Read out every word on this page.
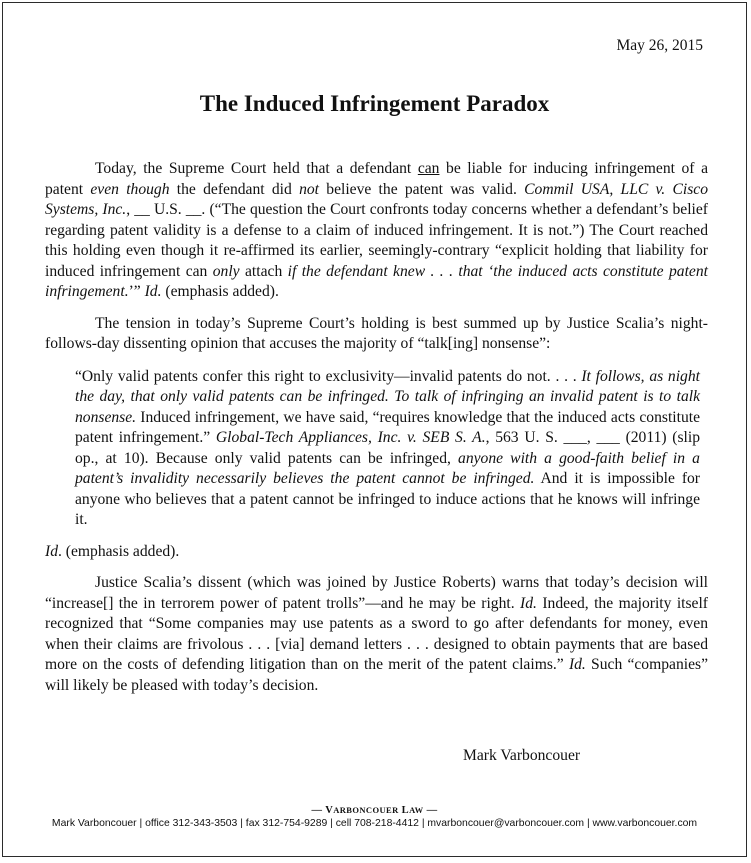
May 26, 2015
The Induced Infringement Paradox

Today, the Supreme Court held that a defendant can be liable for inducing infringement of a patent even though the defendant did not believe the patent was valid. Commil USA, LLC v. Cisco Systems, Inc., __ U.S. __. (“The question the Court confronts today concerns whether a defendant’s belief regarding patent validity is a defense to a claim of induced infringement. It is not.”) The Court reached this holding even though it re-affirmed its earlier, seemingly-contrary “explicit holding that liability for induced infringement can only attach if the defendant knew . . . that ‘the induced acts constitute patent infringement.’” Id. (emphasis added).

The tension in today’s Supreme Court’s holding is best summed up by Justice Scalia’s night-follows-day dissenting opinion that accuses the majority of “talk[ing] nonsense”:

“Only valid patents confer this right to exclusivity—invalid patents do not. . . . It follows, as night the day, that only valid patents can be infringed. To talk of infringing an invalid patent is to talk nonsense. Induced infringement, we have said, “requires knowledge that the induced acts constitute patent infringement.” Global-Tech Appliances, Inc. v. SEB S. A., 563 U. S. ___, ___ (2011) (slip op., at 10). Because only valid patents can be infringed, anyone with a good-faith belief in a patent’s invalidity necessarily believes the patent cannot be infringed. And it is impossible for anyone who believes that a patent cannot be infringed to induce actions that he knows will infringe it.

Id. (emphasis added).

Justice Scalia’s dissent (which was joined by Justice Roberts) warns that today’s decision will “increase[] the in terrorem power of patent trolls”—and he may be right. Id. Indeed, the majority itself recognized that “Some companies may use patents as a sword to go after defendants for money, even when their claims are frivolous . . . [via] demand letters . . . designed to obtain payments that are based more on the costs of defending litigation than on the merit of the patent claims.” Id. Such “companies” will likely be pleased with today’s decision.

Mark Varboncouer
— VARBONCOUER LAW —
Mark Varboncouer | office 312-343-3503 | fax 312-754-9289 | cell 708-218-4412 | mvarboncouer@varboncouer.com | www.varboncouer.com
